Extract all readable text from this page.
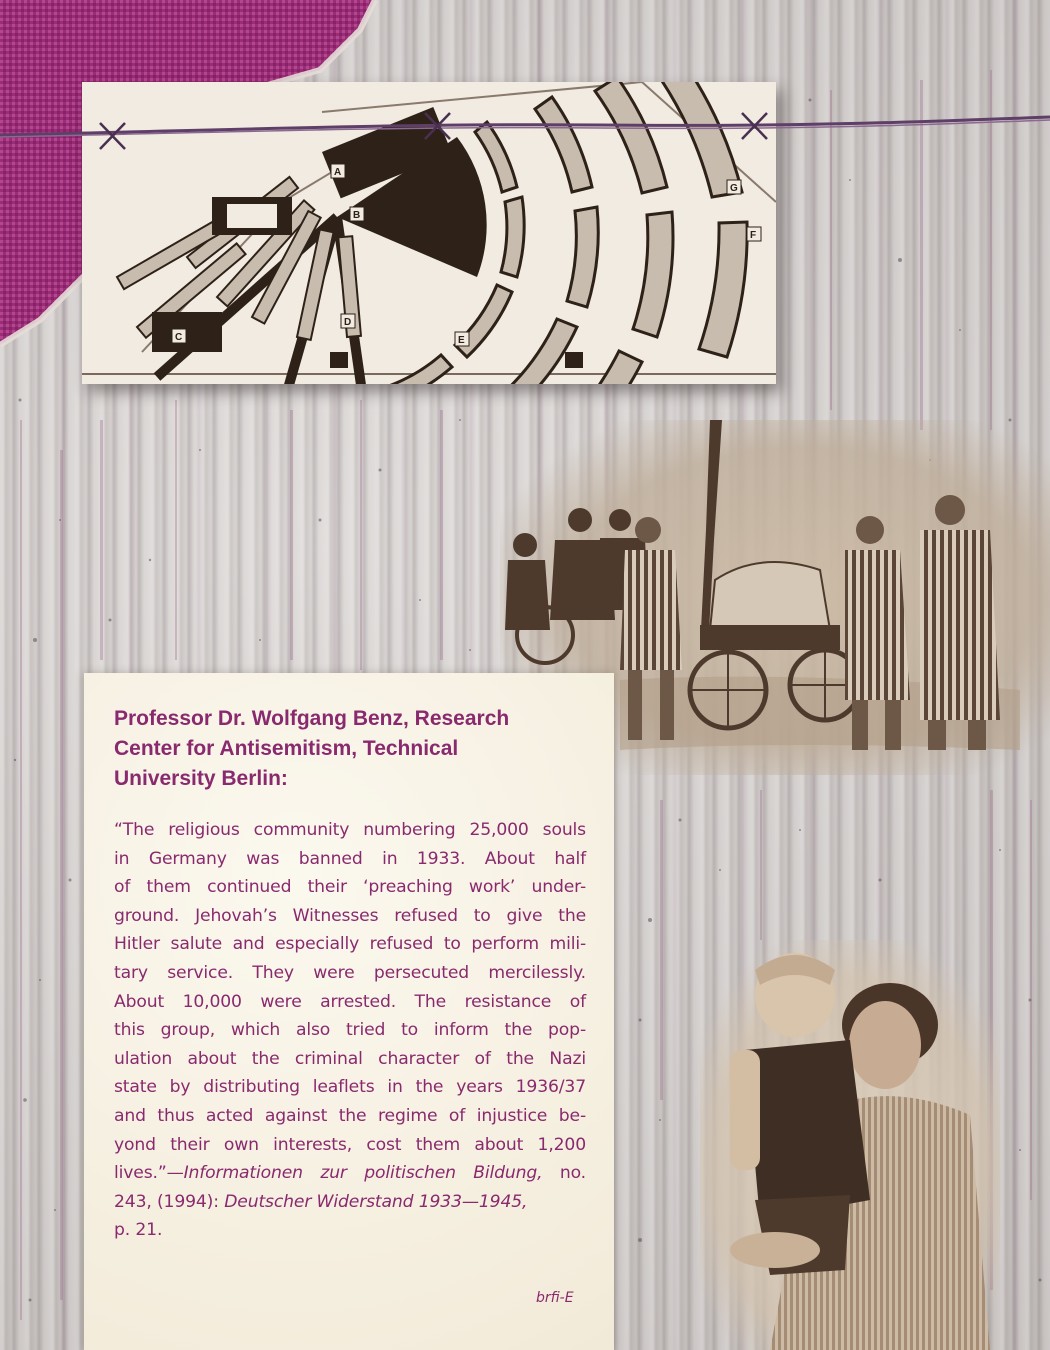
A
B
C
D
E
F
G
Professor Dr. Wolfgang Benz, Research
Center for Antisemitism, Technical
University Berlin:
“The religious community numbering 25,000 souls
in Germany was banned in 1933. About half
of them continued their ‘preaching work’ under-
ground. Jehovah’s Witnesses refused to give the
Hitler salute and especially refused to perform mili-
tary service. They were persecuted mercilessly.
About 10,000 were arrested. The resistance of
this group, which also tried to inform the pop-
ulation about the criminal character of the Nazi
state by distributing leaflets in the years 1936/37
and thus acted against the regime of injustice be-
yond their own interests, cost them about 1,200
lives.”—Informationen zur politischen Bildung, no.
243, (1994): Deutscher Widerstand 1933—1945,
p. 21.
brfi-E
